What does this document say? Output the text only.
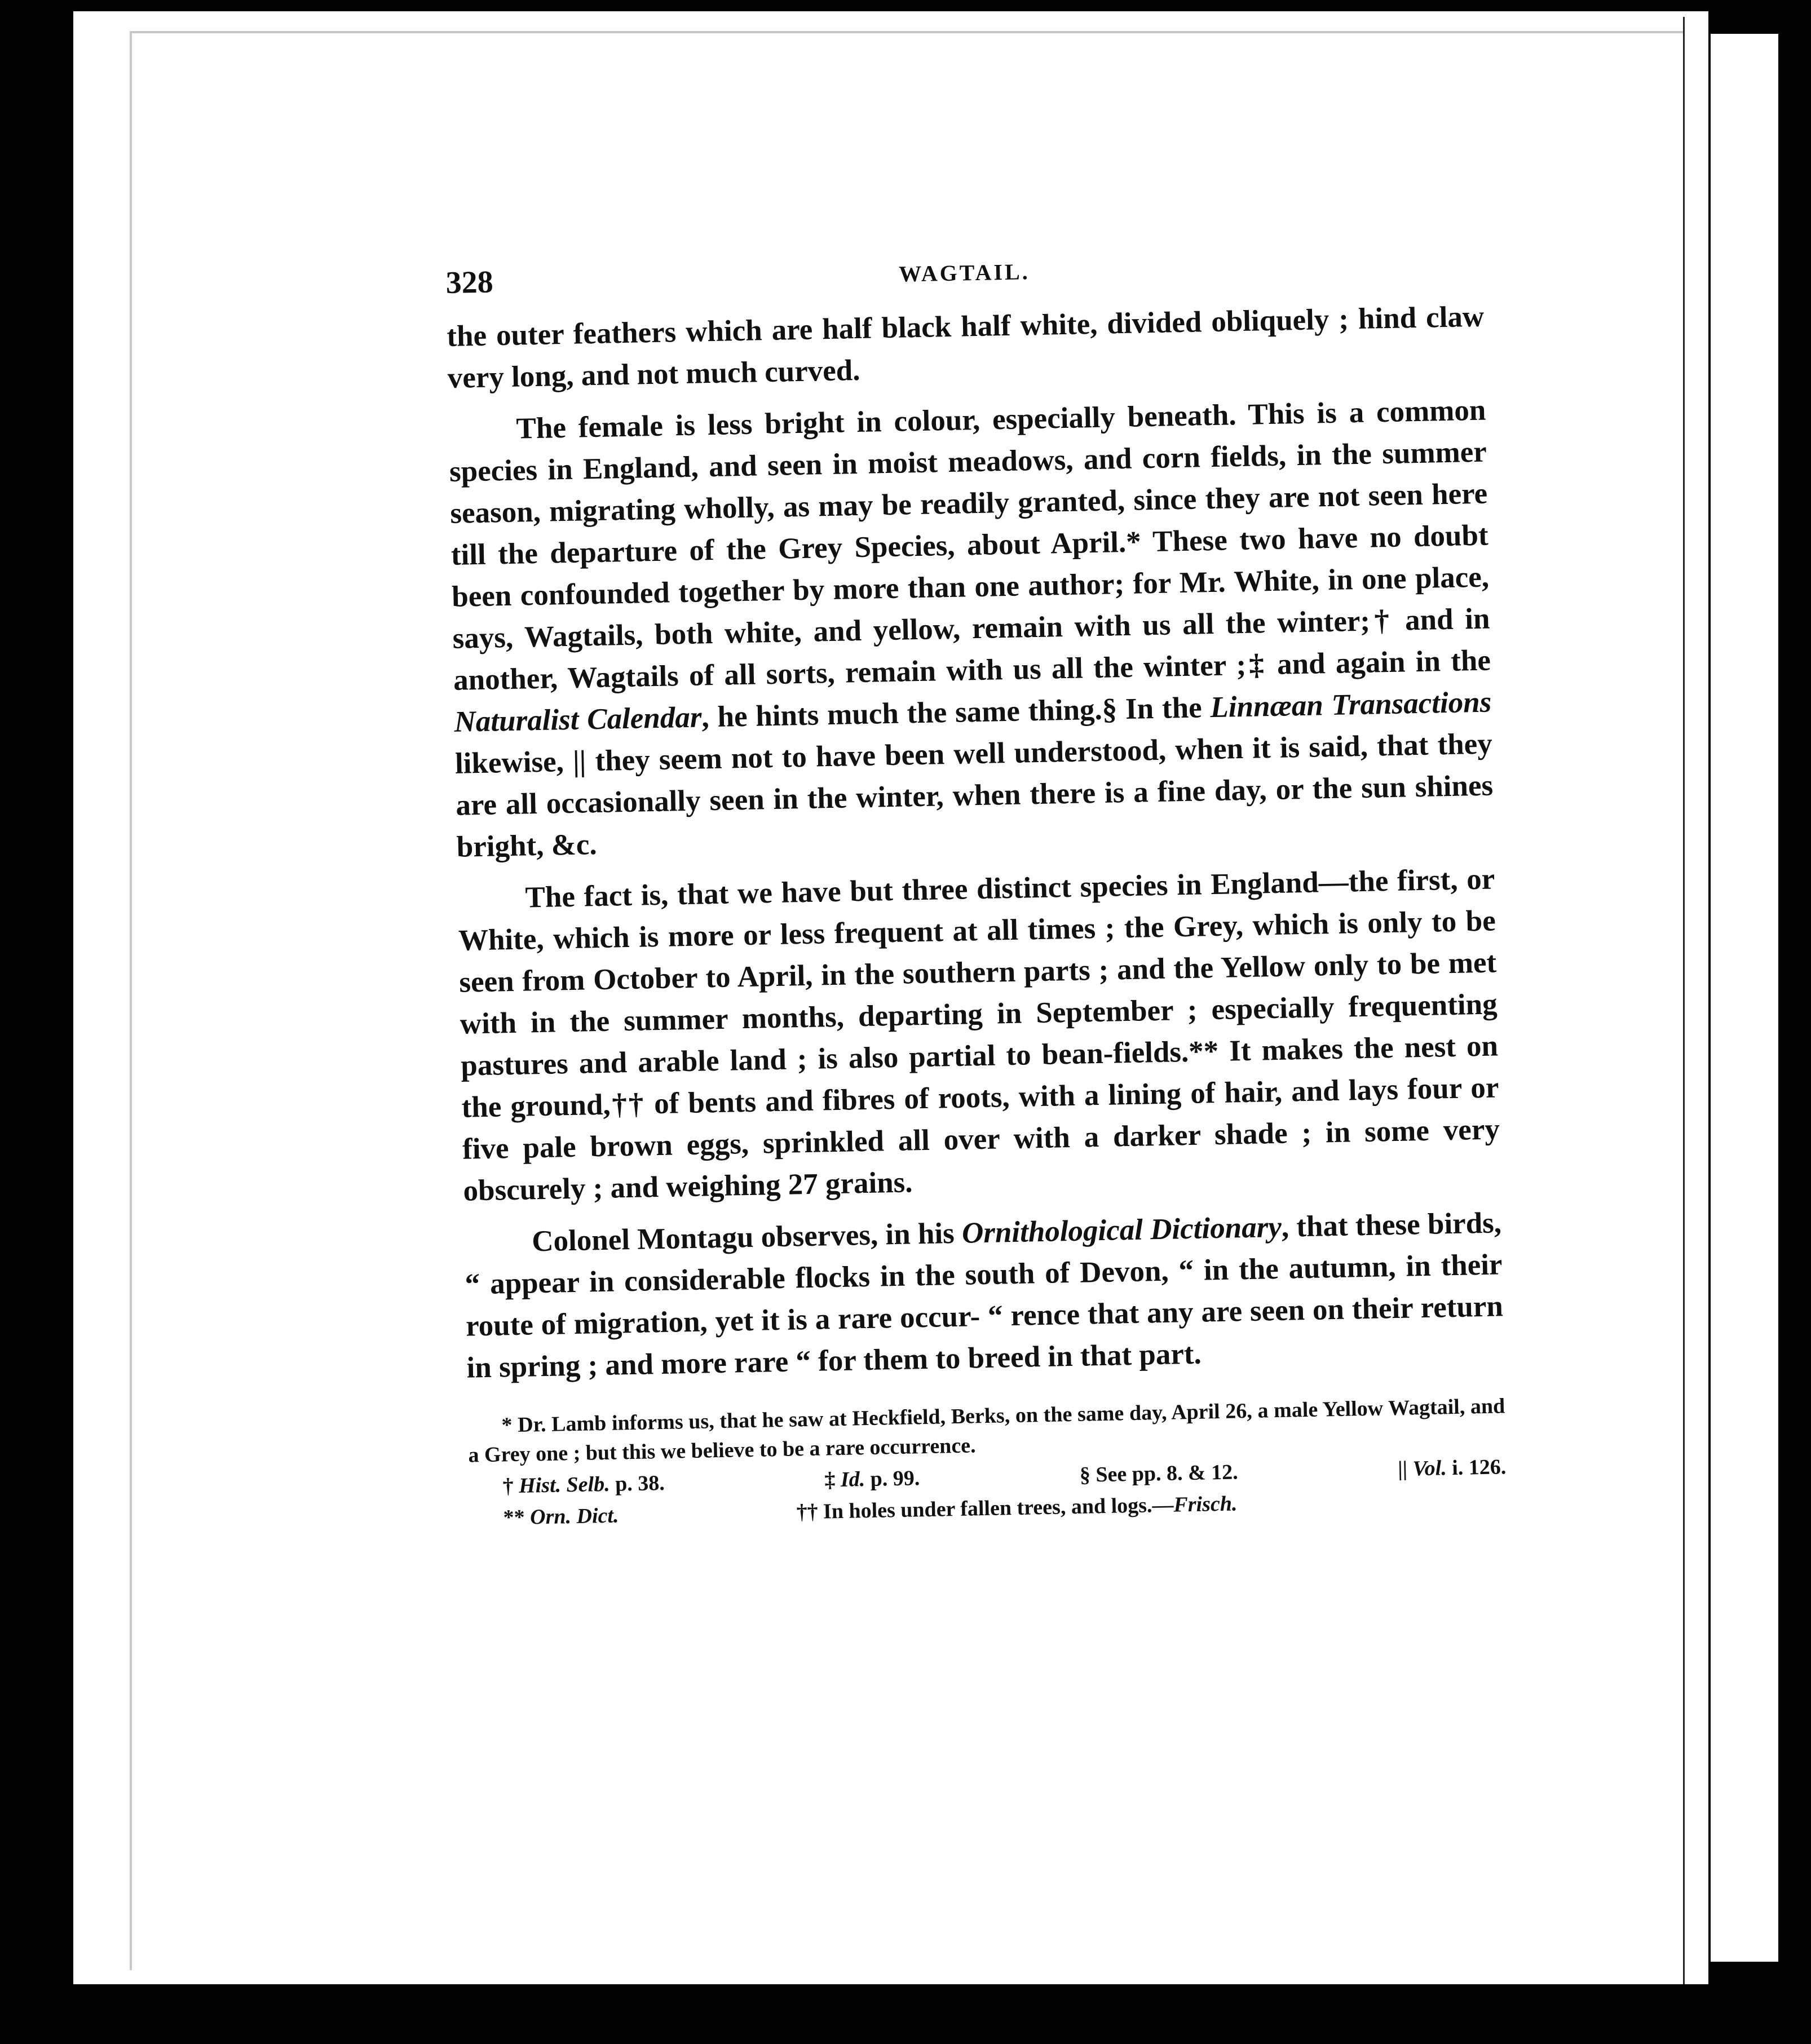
328	WAGTAIL.

the outer feathers which are half black half white, divided obliquely ; hind claw very long, and not much curved.

The female is less bright in colour, especially beneath. This is a common species in England, and seen in moist meadows, and corn fields, in the summer season, migrating wholly, as may be readily granted, since they are not seen here till the departure of the Grey Species, about April.* These two have no doubt been confounded together by more than one author; for Mr. White, in one place, says, Wagtails, both white, and yellow, remain with us all the winter;† and in another, Wagtails of all sorts, remain with us all the winter ;‡ and again in the Naturalist Calendar, he hints much the same thing.§ In the Linnæan Transactions likewise, || they seem not to have been well understood, when it is said, that they are all occasionally seen in the winter, when there is a fine day, or the sun shines bright, &c.

The fact is, that we have but three distinct species in England—the first, or White, which is more or less frequent at all times ; the Grey, which is only to be seen from October to April, in the southern parts ; and the Yellow only to be met with in the summer months, departing in September ; especially frequenting pastures and arable land ; is also partial to bean-fields.** It makes the nest on the ground,†† of bents and fibres of roots, with a lining of hair, and lays four or five pale brown eggs, sprinkled all over with a darker shade ; in some very obscurely ; and weighing 27 grains.

Colonel Montagu observes, in his Ornithological Dictionary, that these birds, “ appear in considerable flocks in the south of Devon, “ in the autumn, in their route of migration, yet it is a rare occur- “ rence that any are seen on their return in spring ; and more rare “ for them to breed in that part.

* Dr. Lamb informs us, that he saw at Heckfield, Berks, on the same day, April 26, a male Yellow Wagtail, and a Grey one ; but this we believe to be a rare occurrence.

† Hist. Selb. p. 38.	‡ Id. p. 99.	§ See pp. 8. & 12.	|| Vol. i. 126.
** Orn. Dict.	†† In holes under fallen trees, and logs.—Frisch.
